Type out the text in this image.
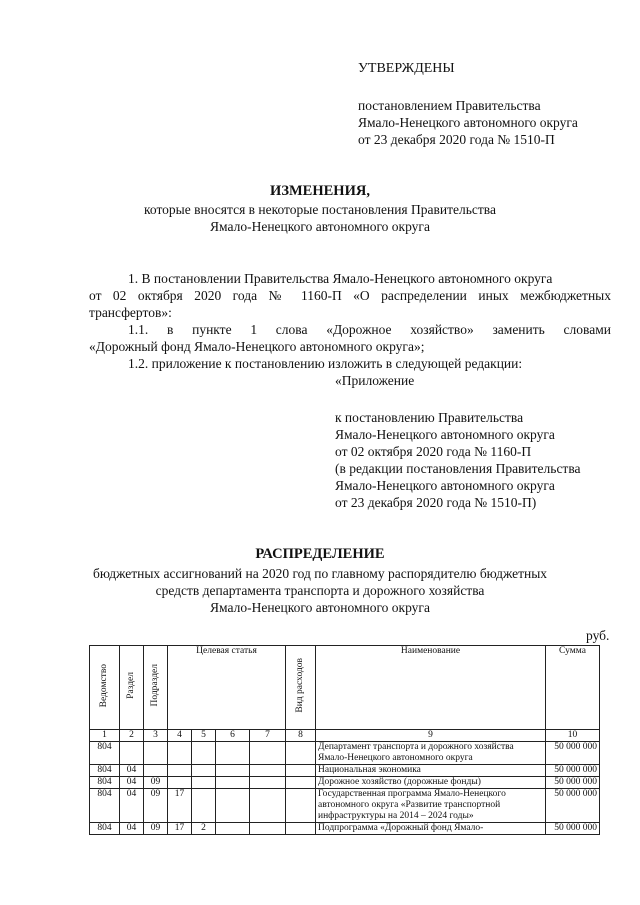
УТВЕРЖДЕНЫ
постановлением Правительства
Ямало-Ненецкого автономного округа
от 23 декабря 2020 года № 1510-П
ИЗМЕНЕНИЯ,
которые вносятся в некоторые постановления Правительства
Ямало-Ненецкого автономного округа
1. В постановлении Правительства Ямало-Ненецкого автономного округа
от 02 октября 2020 года № 1160-П «О распределении иных межбюджетных
трансфертов»:
1.1. в пункте 1 слова «Дорожное хозяйство» заменить словами
«Дорожный фонд Ямало-Ненецкого автономного округа»;
1.2. приложение к постановлению изложить в следующей редакции:
«Приложение
к постановлению Правительства
Ямало-Ненецкого автономного округа
от 02 октября 2020 года № 1160-П
(в редакции постановления Правительства
Ямало-Ненецкого автономного округа
от 23 декабря 2020 года № 1510-П)
РАСПРЕДЕЛЕНИЕ
бюджетных ассигнований на 2020 год по главному распорядителю бюджетных
средств департамента транспорта и дорожного хозяйства
Ямало-Ненецкого автономного округа
руб.
Ведомство	Раздел	Подраздел	Целевая статья				Вид расходов	Наименование	Сумма
1	2	3	4	5	6	7	8	9	10
804								Департамент транспорта и дорожного хозяйства Ямало-Ненецкого автономного округа	50 000 000
804	04							Национальная экономика	50 000 000
804	04	09						Дорожное хозяйство (дорожные фонды)	50 000 000
804	04	09	17					Государственная программа Ямало-Ненецкого автономного округа «Развитие транспортной инфраструктуры на 2014 – 2024 годы»	50 000 000
804	04	09	17	2				Подпрограмма «Дорожный фонд Ямало-	50 000 000
